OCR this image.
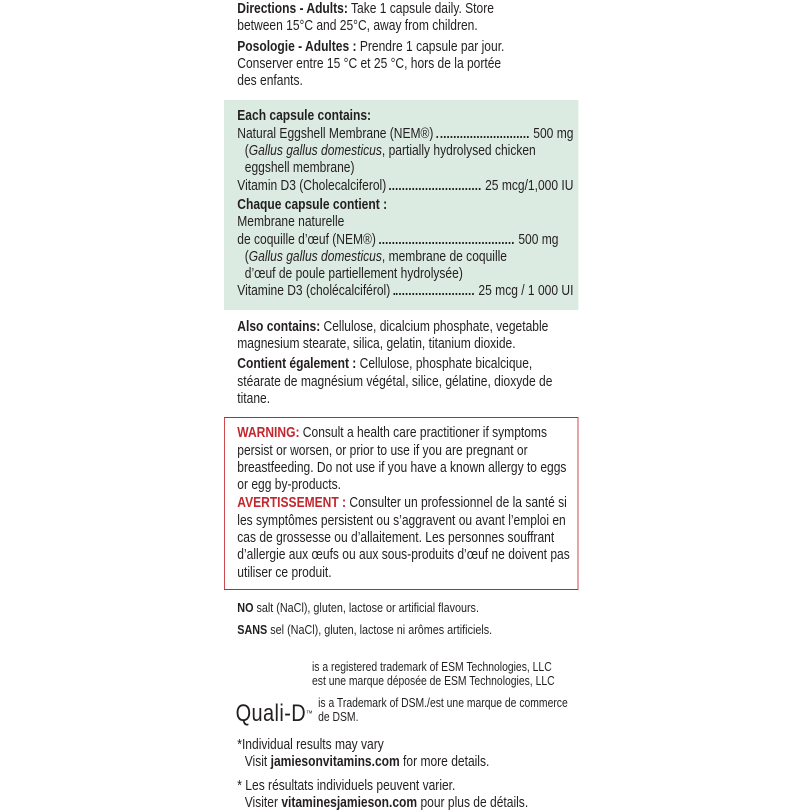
Directions - Adults: Take 1 capsule daily. Store between 15°C and 25°C, away from children.

Posologie - Adultes : Prendre 1 capsule par jour. Conserver entre 15 °C et 25 °C, hors de la portée des enfants.

Each capsule contains:

Natural Eggshell Membrane (NEM®)	500 mg

(Gallus gallus domesticus, partially hydrolysed chicken eggshell membrane)

Vitamin D3 (Cholecalciferol)	25 mcg/1,000 IU

Chaque capsule contient :

Membrane naturelle

de coquille d’œuf (NEM®)	500 mg

(Gallus gallus domesticus, membrane de coquille d’œuf de poule partiellement hydrolysée)

Vitamine D3 (cholécalciférol)	25 mcg / 1 000 UI

Also contains: Cellulose, dicalcium phosphate, vegetable magnesium stearate, silica, gelatin, titanium dioxide.

Contient également : Cellulose, phosphate bicalcique, stéarate de magnésium végétal, silice, gélatine, dioxyde de titane.

WARNING: Consult a health care practitioner if symptoms persist or worsen, or prior to use if you are pregnant or breastfeeding. Do not use if you have a known allergy to eggs or egg by-products.

AVERTISSEMENT : Consulter un professionnel de la santé si les symptômes persistent ou s’aggravent ou avant l’emploi en cas de grossesse ou d’allaitement. Les personnes souffrant d’allergie aux œufs ou aux sous-produits d’œuf ne doivent pas utiliser ce produit.

NO salt (NaCl), gluten, lactose or artificial flavours.

SANS sel (NaCl), gluten, lactose ni arômes artificiels.

is a registered trademark of ESM Technologies, LLC

est une marque déposée de ESM Technologies, LLC

Quali-D™
is a Trademark of DSM./est une marque de commerce de DSM.

*Individual results may vary

Visit jamiesonvitamins.com for more details.

* Les résultats individuels peuvent varier.

Visiter vitaminesjamieson.com pour plus de détails.
